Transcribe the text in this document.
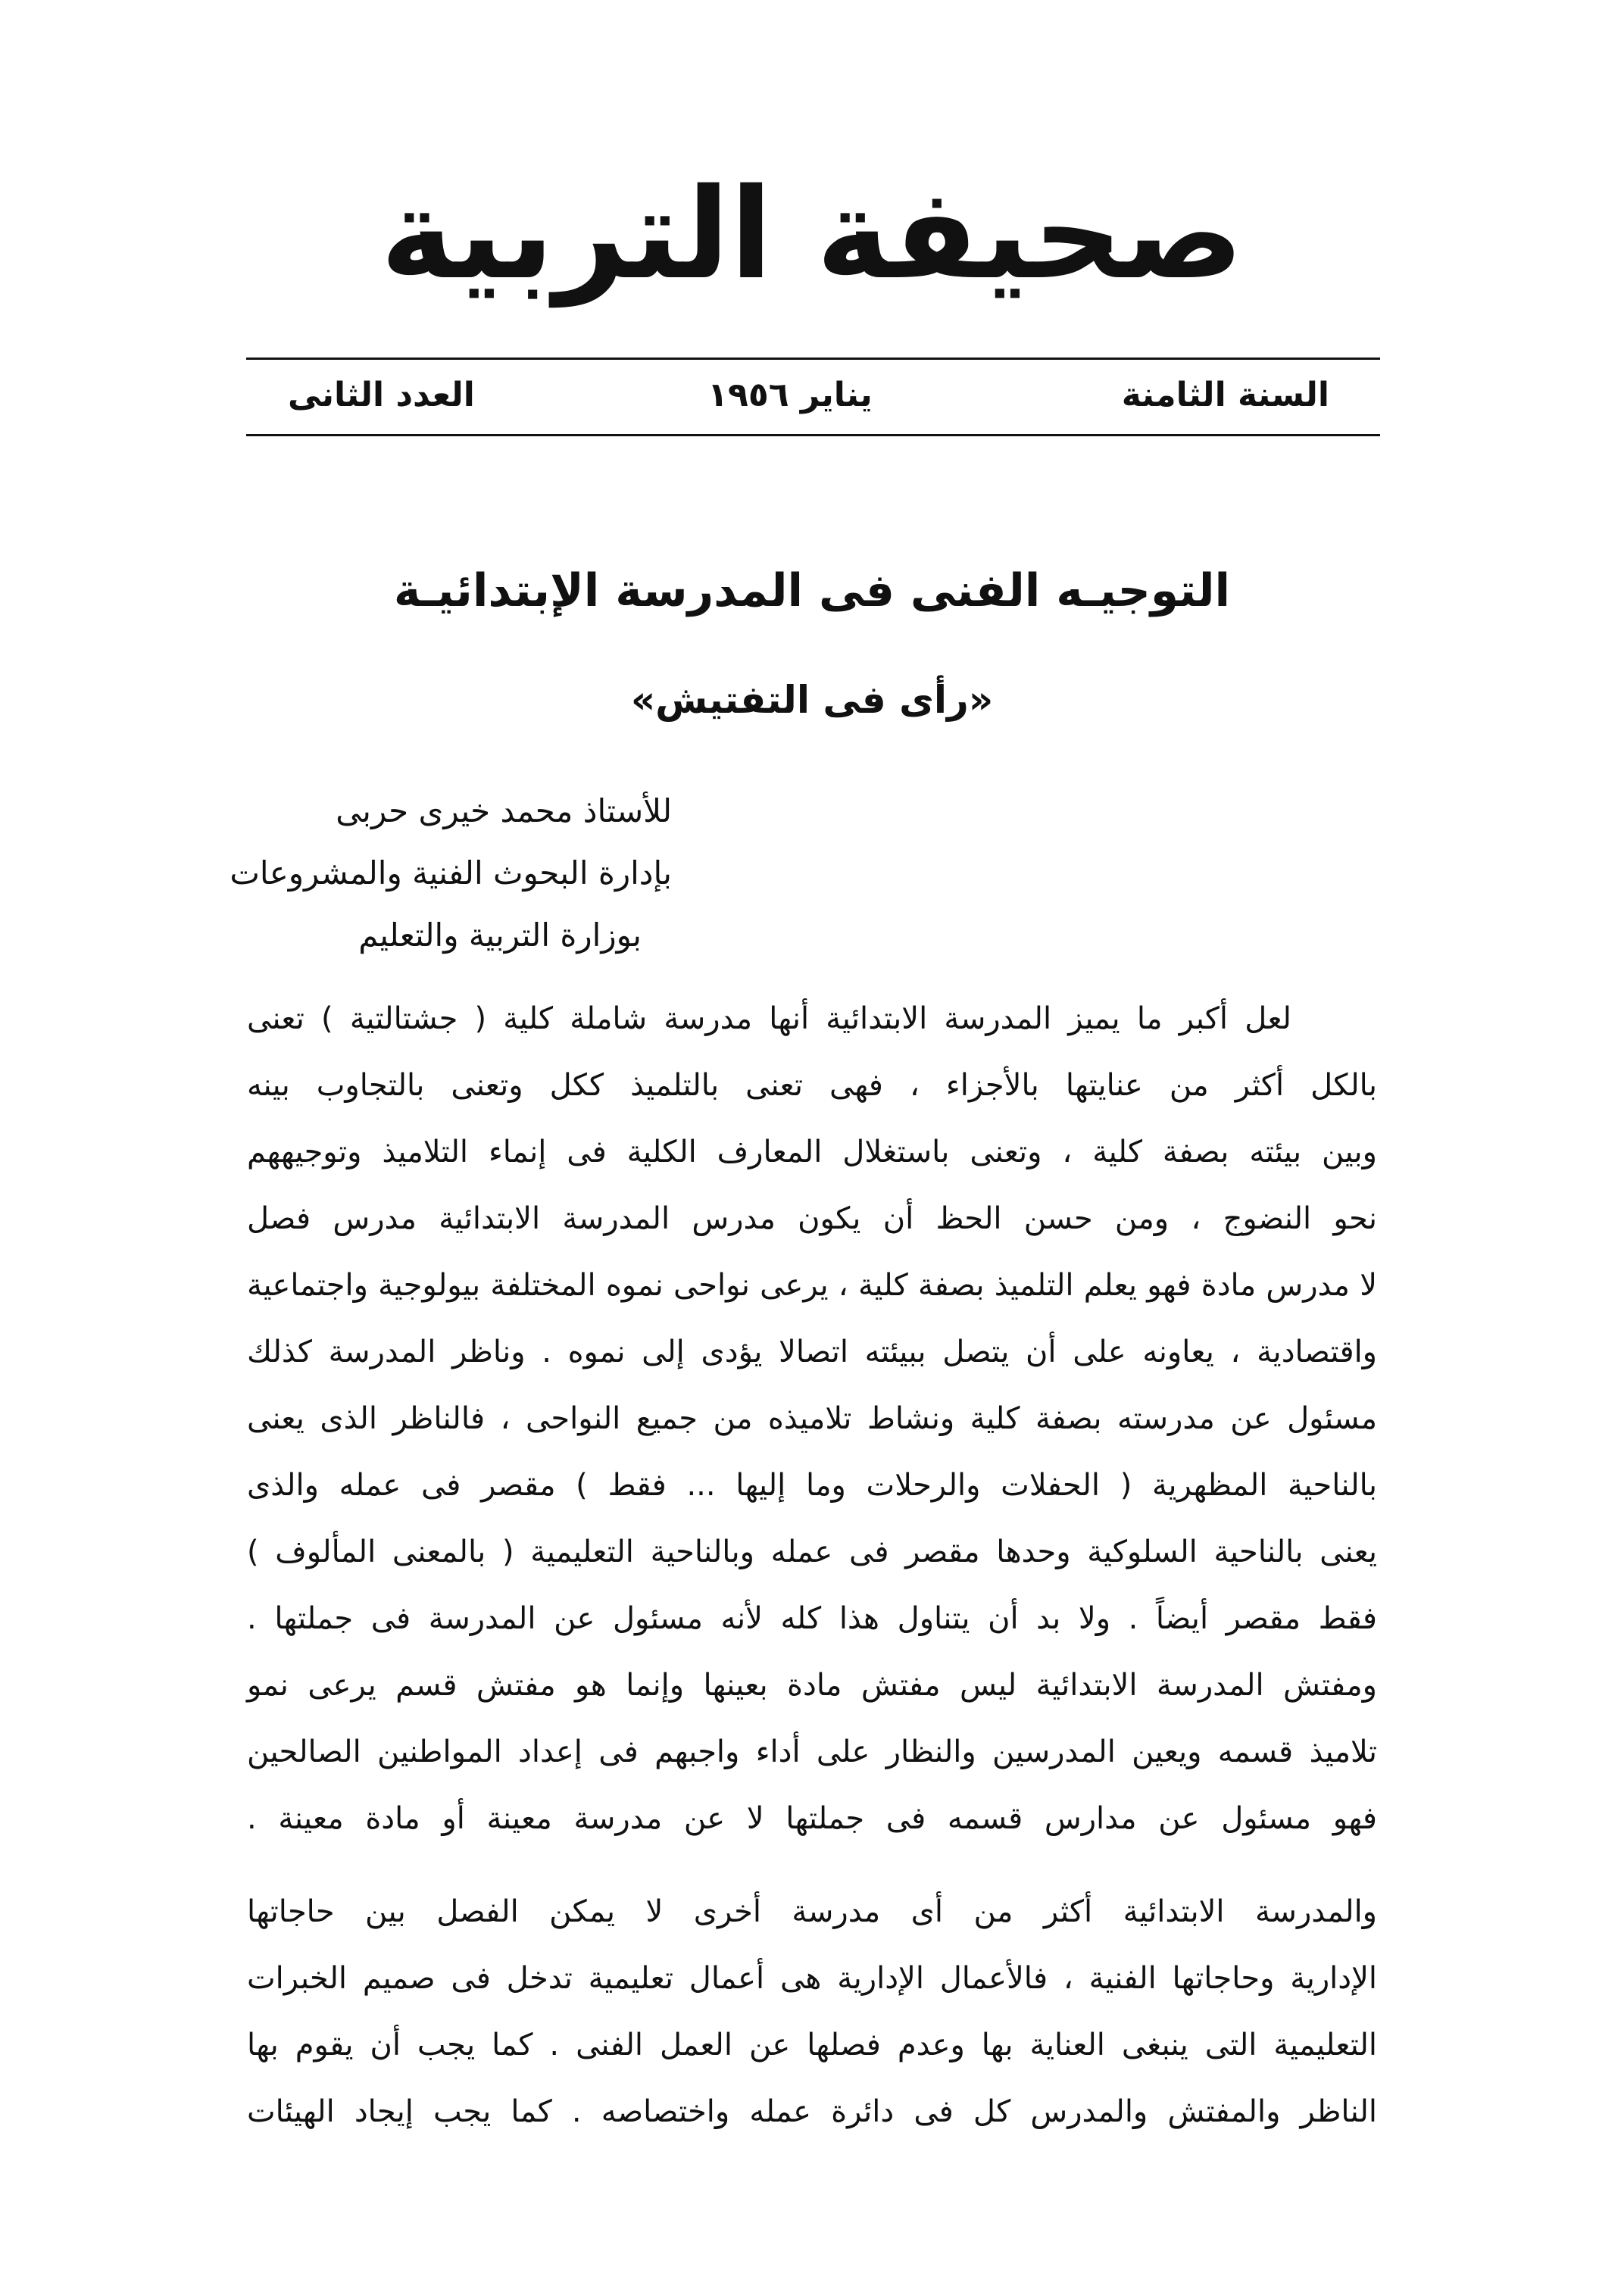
صحيفة التربية
السنة الثامنة
يناير ١٩٥٦
العدد الثانى
التوجيـه الفنى فى المدرسة الإبتدائيـة
«رأى فى التفتيش»
للأستاذ محمد خيرى حربى
بإدارة البحوث الفنية والمشروعات
بوزارة التربية والتعليم
لعل أكبر ما يميز المدرسة الابتدائية أنها مدرسة شاملة كلية ( جشتالتية ) تعنى
بالكل أكثر من عنايتها بالأجزاء ، فهى تعنى بالتلميذ ككل وتعنى بالتجاوب بينه
وبين بيئته بصفة كلية ، وتعنى باستغلال المعارف الكلية فى إنماء التلاميذ وتوجيههم
نحو النضوج ، ومن حسن الحظ أن يكون مدرس المدرسة الابتدائية مدرس فصل
لا مدرس مادة فهو يعلم التلميذ بصفة كلية ، يرعى نواحى نموه المختلفة بيولوجية واجتماعية
واقتصادية ، يعاونه على أن يتصل ببيئته اتصالا يؤدى إلى نموه . وناظر المدرسة كذلك
مسئول عن مدرسته بصفة كلية ونشاط تلاميذه من جميع النواحى ، فالناظر الذى يعنى
بالناحية المظهرية ( الحفلات والرحلات وما إليها ... فقط ) مقصر فى عمله والذى
يعنى بالناحية السلوكية وحدها مقصر فى عمله وبالناحية التعليمية ( بالمعنى المألوف )
فقط مقصر أيضاً . ولا بد أن يتناول هذا كله لأنه مسئول عن المدرسة فى جملتها .
ومفتش المدرسة الابتدائية ليس مفتش مادة بعينها وإنما هو مفتش قسم يرعى نمو
تلاميذ قسمه ويعين المدرسين والنظار على أداء واجبهم فى إعداد المواطنين الصالحين
فهو مسئول عن مدارس قسمه فى جملتها لا عن مدرسة معينة أو مادة معينة .
والمدرسة الابتدائية أكثر من أى مدرسة أخرى لا يمكن الفصل بين حاجاتها
الإدارية وحاجاتها الفنية ، فالأعمال الإدارية هى أعمال تعليمية تدخل فى صميم الخبرات
التعليمية التى ينبغى العناية بها وعدم فصلها عن العمل الفنى . كما يجب أن يقوم بها
الناظر والمفتش والمدرس كل فى دائرة عمله واختصاصه . كما يجب إيجاد الهيئات
